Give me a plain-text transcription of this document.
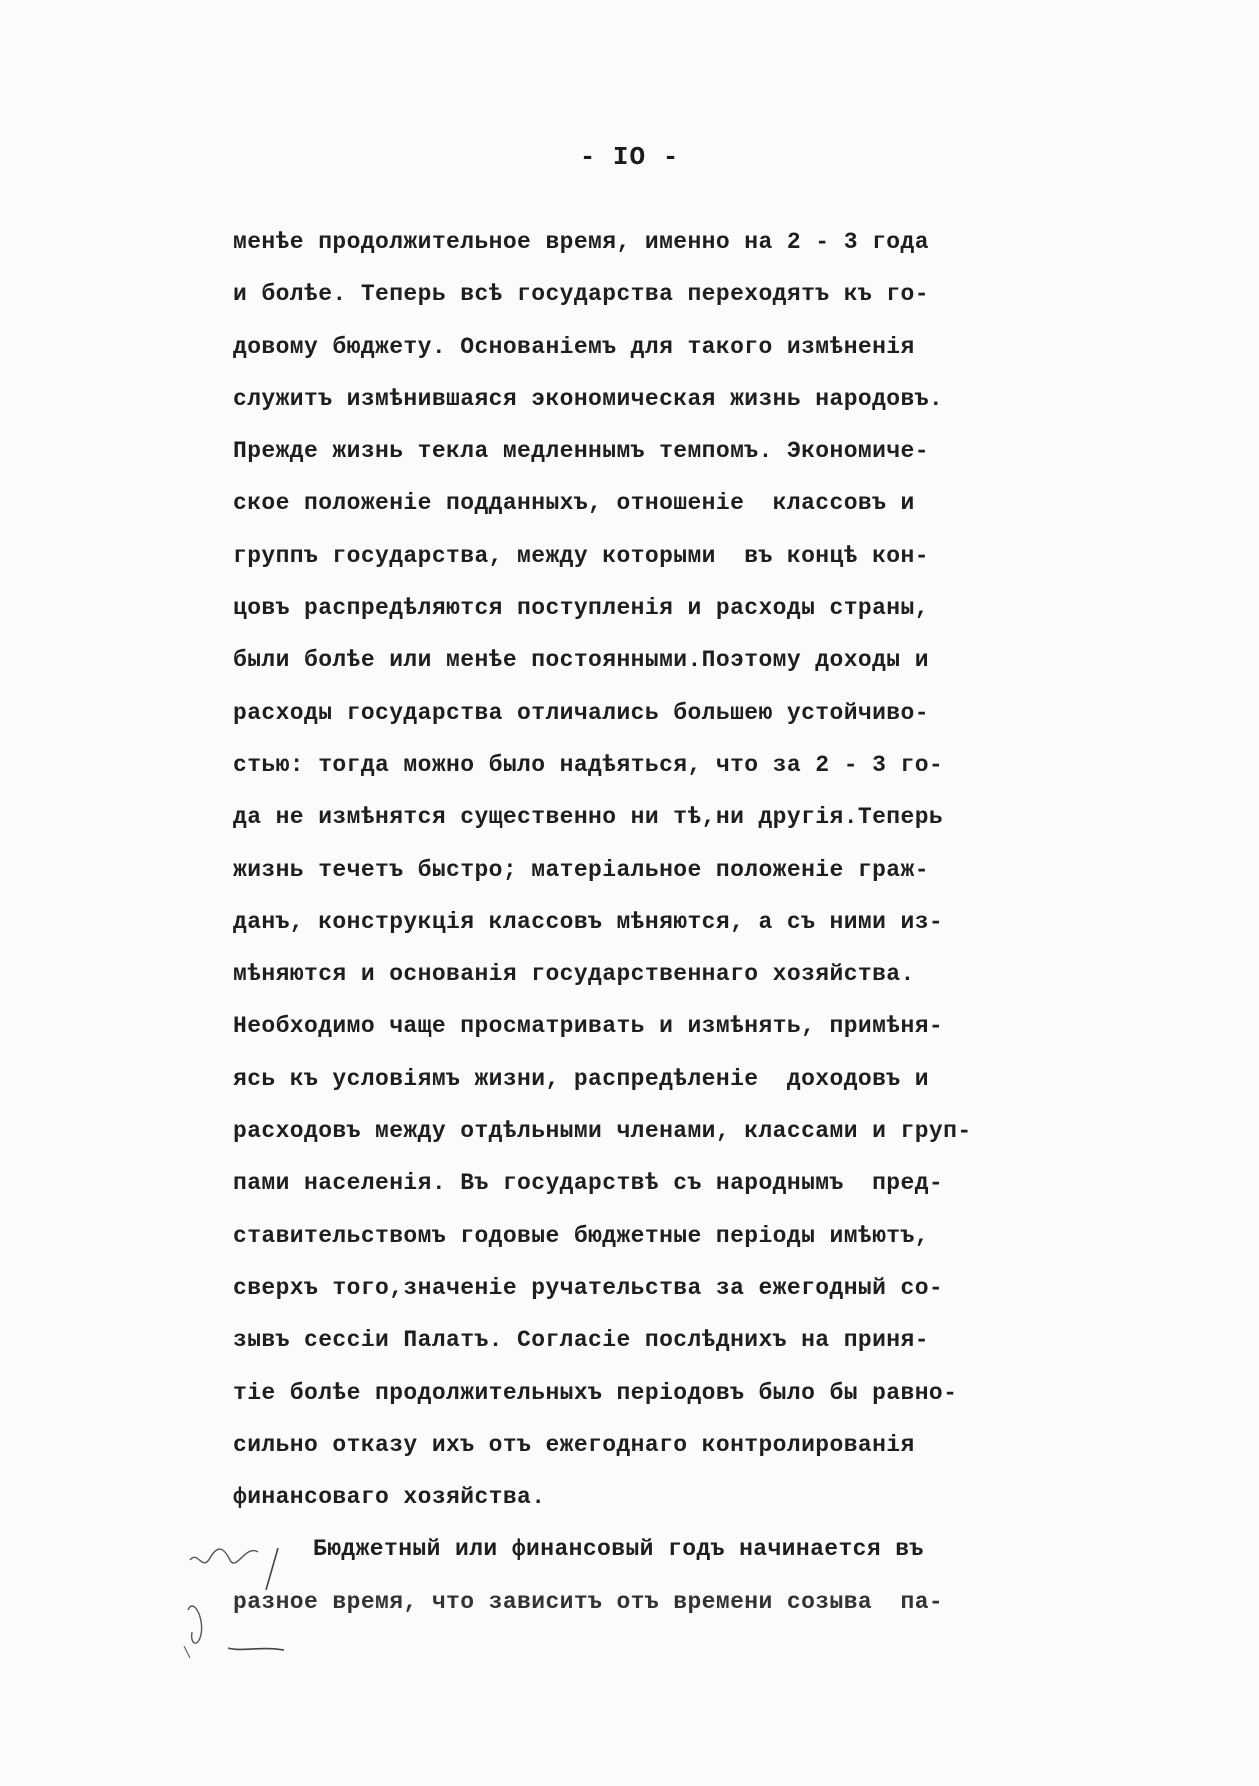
- IO -
менѣе продолжительное время, именно на 2 - 3 года
и болѣе. Теперь всѣ государства переходятъ къ го-
довому бюджету. Основанiемъ для такого измѣненiя
служитъ измѣнившаяся экономическая жизнь народовъ.
Прежде жизнь текла медленнымъ темпомъ. Экономиче-
ское положенiе подданныхъ, отношенiе  классовъ и
группъ государства, между которыми  въ концѣ кон-
цовъ распредѣляются поступленiя и расходы страны,
были болѣе или менѣе постоянными.Поэтому доходы и
расходы государства отличались большею устойчиво-
стью: тогда можно было надѣяться, что за 2 - 3 го-
да не измѣнятся существенно ни тѣ,ни другiя.Теперь
жизнь течетъ быстро; матерiальное положенiе граж-
данъ, конструкцiя классовъ мѣняются, а съ ними из-
мѣняются и основанiя государственнаго хозяйства.
Необходимо чаще просматривать и измѣнять, примѣня-
ясь къ условiямъ жизни, распредѣленiе  доходовъ и
расходовъ между отдѣльными членами, классами и груп-
пами населенiя. Въ государствѣ съ народнымъ  пред-
ставительствомъ годовые бюджетные перiоды имѣютъ,
сверхъ того,значенiе ручательства за ежегодный со-
зывъ сессiи Палатъ. Согласiе послѣднихъ на приня-
тiе болѣе продолжительныхъ перiодовъ было бы равно-
сильно отказу ихъ отъ ежегоднаго контролированiя
финансоваго хозяйства.
Бюджетный или финансовый годъ начинается въ
разное время, что зависитъ отъ времени созыва  па-
